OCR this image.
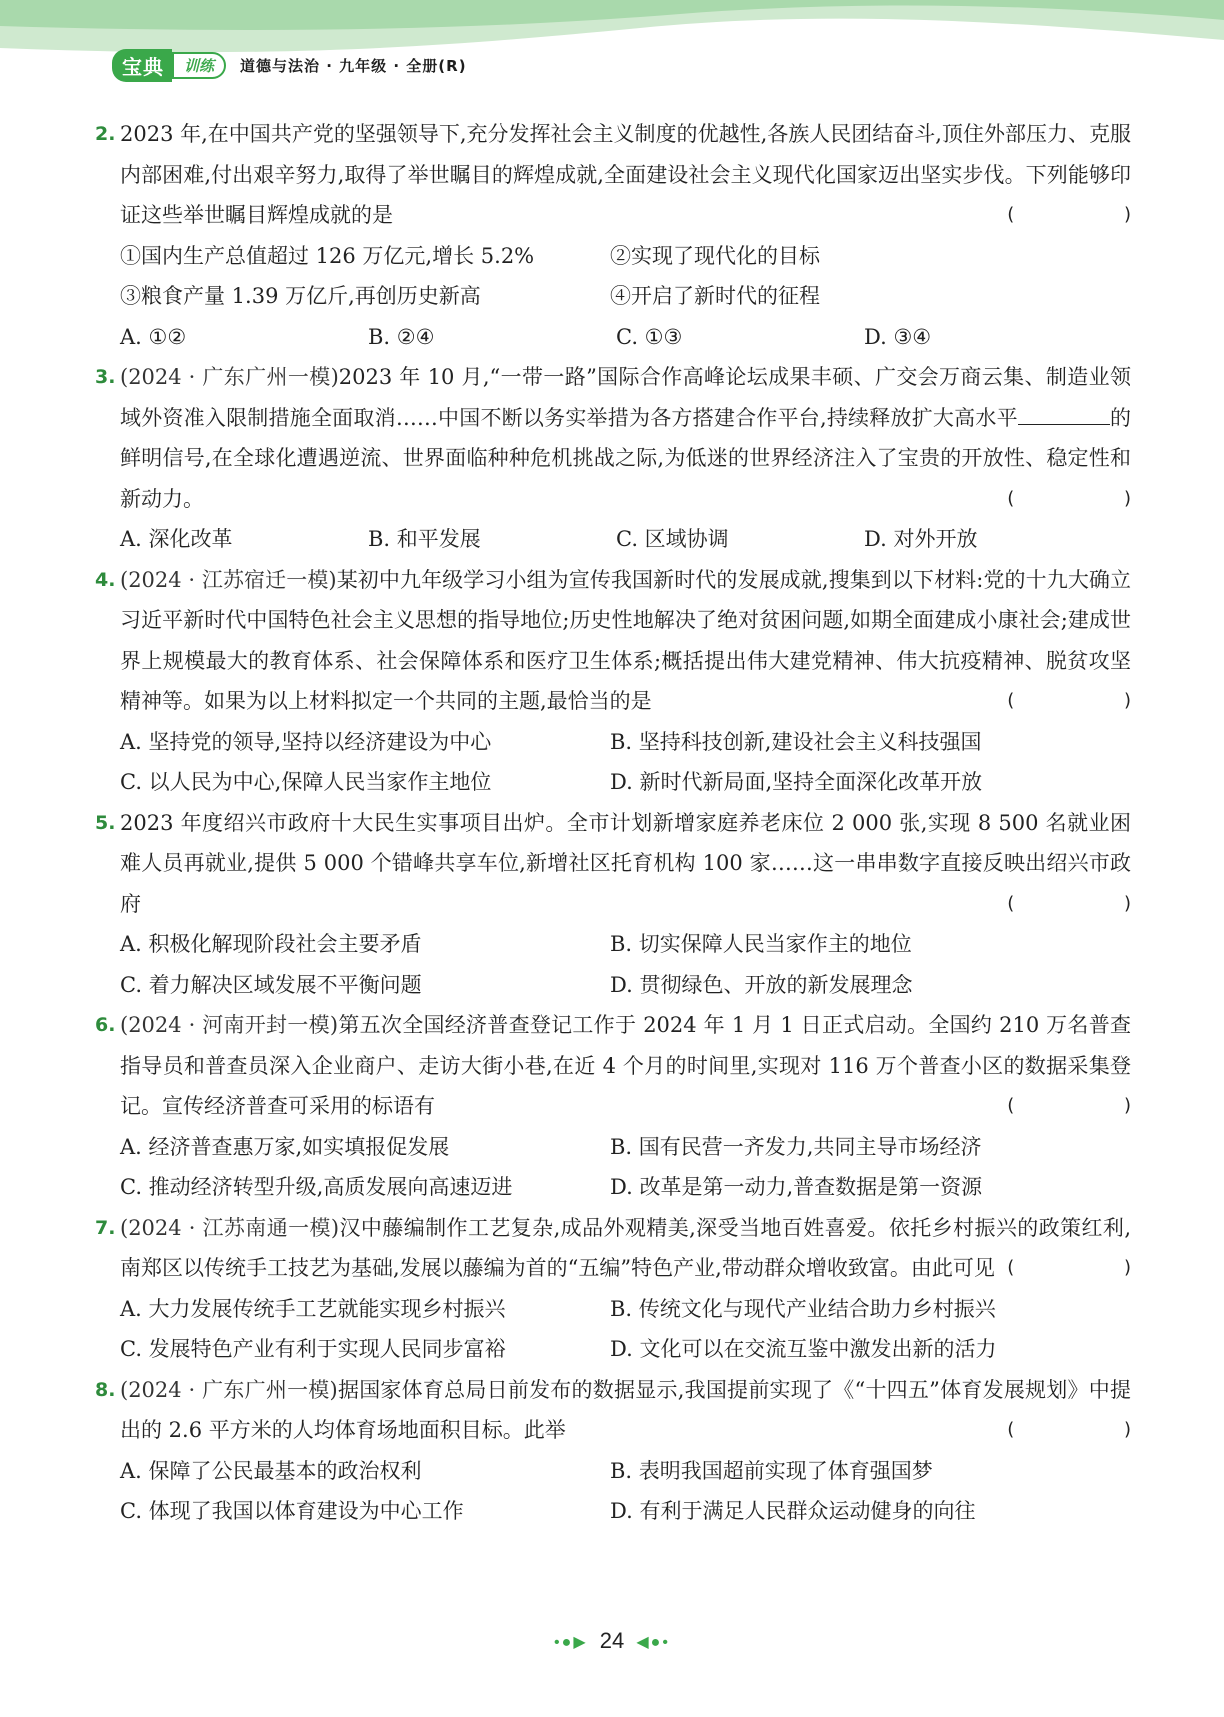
宝典	训练	道德与法治 · 九年级 · 全册(R)
2. 2023 年,在中国共产党的坚强领导下,充分发挥社会主义制度的优越性,各族人民团结奋斗,顶住外部压力、克服内部困难,付出艰辛努力,取得了举世瞩目的辉煌成就,全面建设社会主义现代化国家迈出坚实步伐。下列能够印证这些举世瞩目辉煌成就的是	( )
①国内生产总值超过 126 万亿元,增长 5.2%	②实现了现代化的目标
③粮食产量 1.39 万亿斤,再创历史新高	④开启了新时代的征程
A. ①②	B. ②④	C. ①③	D. ③④
3. (2024 · 广东广州一模)2023 年 10 月,“一带一路”国际合作高峰论坛成果丰硕、广交会万商云集、制造业领域外资准入限制措施全面取消……中国不断以务实举措为各方搭建合作平台,持续释放扩大高水平	的鲜明信号,在全球化遭遇逆流、世界面临种种危机挑战之际,为低迷的世界经济注入了宝贵的开放性、稳定性和新动力。	( )
A. 深化改革	B. 和平发展	C. 区域协调	D. 对外开放
4. (2024 · 江苏宿迁一模)某初中九年级学习小组为宣传我国新时代的发展成就,搜集到以下材料:党的十九大确立习近平新时代中国特色社会主义思想的指导地位;历史性地解决了绝对贫困问题,如期全面建成小康社会;建成世界上规模最大的教育体系、社会保障体系和医疗卫生体系;概括提出伟大建党精神、伟大抗疫精神、脱贫攻坚精神等。如果为以上材料拟定一个共同的主题,最恰当的是	( )
A. 坚持党的领导,坚持以经济建设为中心	B. 坚持科技创新,建设社会主义科技强国
C. 以人民为中心,保障人民当家作主地位	D. 新时代新局面,坚持全面深化改革开放
5. 2023 年度绍兴市政府十大民生实事项目出炉。全市计划新增家庭养老床位 2 000 张,实现 8 500 名就业困难人员再就业,提供 5 000 个错峰共享车位,新增社区托育机构 100 家……这一串串数字直接反映出绍兴市政府	( )
A. 积极化解现阶段社会主要矛盾	B. 切实保障人民当家作主的地位
C. 着力解决区域发展不平衡问题	D. 贯彻绿色、开放的新发展理念
6. (2024 · 河南开封一模)第五次全国经济普查登记工作于 2024 年 1 月 1 日正式启动。全国约 210 万名普查指导员和普查员深入企业商户、走访大街小巷,在近 4 个月的时间里,实现对 116 万个普查小区的数据采集登记。宣传经济普查可采用的标语有	( )
A. 经济普查惠万家,如实填报促发展	B. 国有民营一齐发力,共同主导市场经济
C. 推动经济转型升级,高质发展向高速迈进	D. 改革是第一动力,普查数据是第一资源
7. (2024 · 江苏南通一模)汉中藤编制作工艺复杂,成品外观精美,深受当地百姓喜爱。依托乡村振兴的政策红利,南郑区以传统手工技艺为基础,发展以藤编为首的“五编”特色产业,带动群众增收致富。由此可见 ( )
A. 大力发展传统手工艺就能实现乡村振兴	B. 传统文化与现代产业结合助力乡村振兴
C. 发展特色产业有利于实现人民同步富裕	D. 文化可以在交流互鉴中激发出新的活力
8. (2024 · 广东广州一模)据国家体育总局日前发布的数据显示,我国提前实现了《“十四五”体育发展规划》中提出的 2.6 平方米的人均体育场地面积目标。此举	( )
A. 保障了公民最基本的政治权利	B. 表明我国超前实现了体育强国梦
C. 体现了我国以体育建设为中心工作	D. 有利于满足人民群众运动健身的向往
•●▶ 24 ◀●•
